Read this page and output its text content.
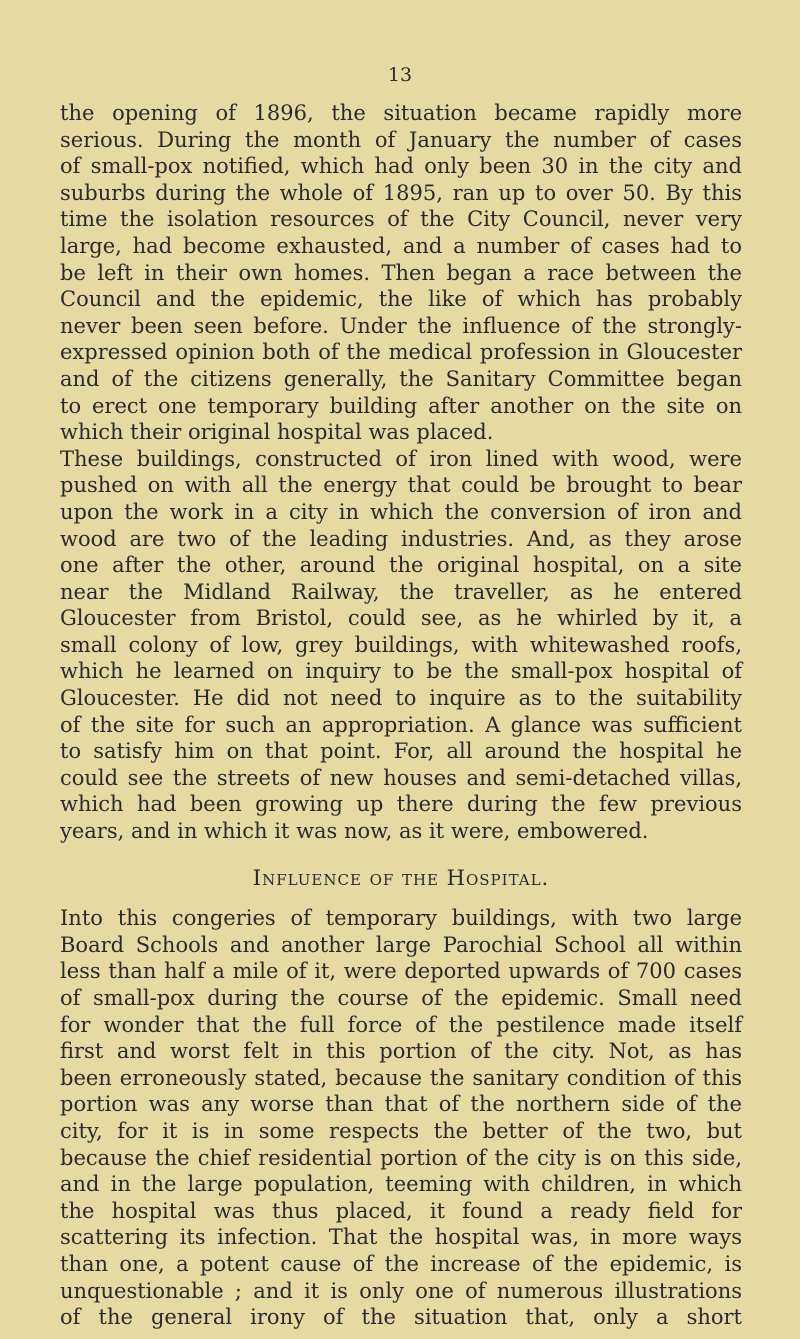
13
the opening of 1896, the situation became rapidly more
serious. During the month of January the number of cases
of small-pox notified, which had only been 30 in the city and
suburbs during the whole of 1895, ran up to over 50. By this
time the isolation resources of the City Council, never very
large, had become exhausted, and a number of cases had to
be left in their own homes. Then began a race between the
Council and the epidemic, the like of which has probably
never been seen before. Under the influence of the strongly-
expressed opinion both of the medical profession in Gloucester
and of the citizens generally, the Sanitary Committee began
to erect one temporary building after another on the site on
which their original hospital was placed.
These buildings, constructed of iron lined with wood, were
pushed on with all the energy that could be brought to bear
upon the work in a city in which the conversion of iron and
wood are two of the leading industries. And, as they arose
one after the other, around the original hospital, on a site
near the Midland Railway, the traveller, as he entered
Gloucester from Bristol, could see, as he whirled by it, a
small colony of low, grey buildings, with whitewashed roofs,
which he learned on inquiry to be the small-pox hospital of
Gloucester. He did not need to inquire as to the suitability
of the site for such an appropriation. A glance was sufficient
to satisfy him on that point. For, all around the hospital he
could see the streets of new houses and semi-detached villas,
which had been growing up there during the few previous
years, and in which it was now, as it were, embowered.
Influence of the Hospital.
Into this congeries of temporary buildings, with two large
Board Schools and another large Parochial School all within
less than half a mile of it, were deported upwards of 700 cases
of small-pox during the course of the epidemic. Small need
for wonder that the full force of the pestilence made itself
first and worst felt in this portion of the city. Not, as has
been erroneously stated, because the sanitary condition of this
portion was any worse than that of the northern side of the
city, for it is in some respects the better of the two, but
because the chief residential portion of the city is on this side,
and in the large population, teeming with children, in which
the hospital was thus placed, it found a ready field for
scattering its infection. That the hospital was, in more ways
than one, a potent cause of the increase of the epidemic, is
unquestionable ; and it is only one of numerous illustrations
of the general irony of the situation that, only a short
